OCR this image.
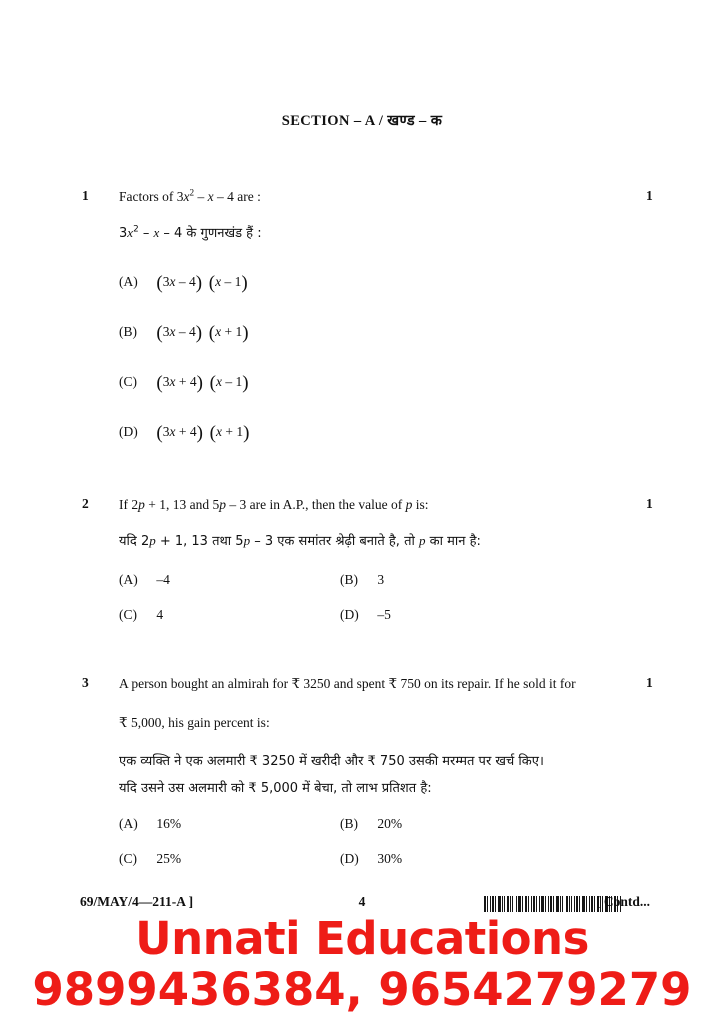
SECTION – A / खण्ड – क
1	1
Factors of $3x^2$ – x – 4 are :
$3x^2$ – x – 4 के गुणनखंड हैं :
(A) (3x – 4) (x – 1)
(B) (3x – 4) (x + 1)
(C) (3x + 4) (x – 1)
(D) (3x + 4) (x + 1)
2	1
If 2p + 1, 13 and 5p – 3 are in A.P., then the value of p is:
यदि 2p + 1, 13 तथा 5p – 3 एक समांतर श्रेढ़ी बनाते है, तो p का मान है:
(A) –4	(B) 3
(C) 4	(D) –5
3	1
A person bought an almirah for ₹ 3250 and spent ₹ 750 on its repair. If he sold it for
₹ 5,000, his gain percent is:
एक व्यक्ति ने एक अलमारी ₹ 3250 में खरीदी और ₹ 750 उसकी मरम्मत पर खर्च किए।
यदि उसने उस अलमारी को ₹ 5,000 में बेचा, तो लाभ प्रतिशत है:
(A) 16%	(B) 20%
(C) 25%	(D) 30%
69/MAY/4—211-A ]	4	[ Contd...
Unnati Educations
9899436384, 9654279279
